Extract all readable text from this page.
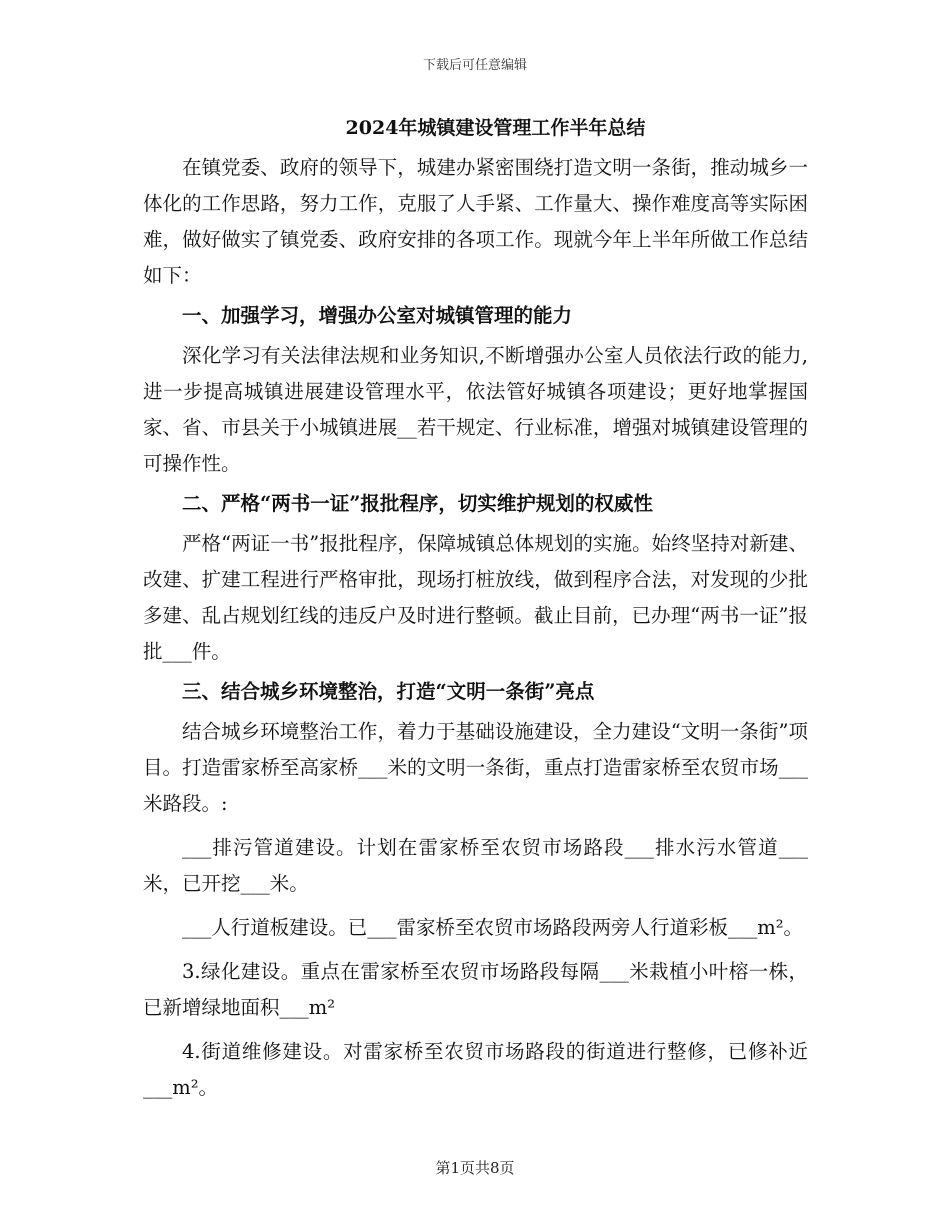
下载后可任意编辑
2024年城镇建设管理工作半年总结

在镇党委、政府的领导下，城建办紧密围绕打造文明一条街，推动城乡一体化的工作思路，努力工作，克服了人手紧、工作量大、操作难度高等实际困难，做好做实了镇党委、政府安排的各项工作。现就今年上半年所做工作总结如下：

一、加强学习，增强办公室对城镇管理的能力

深化学习有关法律法规和业务知识,不断增强办公室人员依法行政的能力,进一步提高城镇进展建设管理水平，依法管好城镇各项建设；更好地掌握国家、省、市县关于小城镇进展__若干规定、行业标准，增强对城镇建设管理的可操作性。

二、严格“两书一证”报批程序，切实维护规划的权威性

严格“两证一书”报批程序，保障城镇总体规划的实施。始终坚持对新建、改建、扩建工程进行严格审批，现场打桩放线，做到程序合法，对发现的少批多建、乱占规划红线的违反户及时进行整顿。截止目前，已办理“两书一证”报批___件。

三、结合城乡环境整治，打造“文明一条街”亮点

结合城乡环境整治工作，着力于基础设施建设，全力建设“文明一条街”项目。打造雷家桥至高家桥___米的文明一条街，重点打造雷家桥至农贸市场___米路段。:

___排污管道建设。计划在雷家桥至农贸市场路段___排水污水管道___米，已开挖___米。

___人行道板建设。已___雷家桥至农贸市场路段两旁人行道彩板___m²。

3.绿化建设。重点在雷家桥至农贸市场路段每隔___米栽植小叶榕一株，已新增绿地面积___m²

4.街道维修建设。对雷家桥至农贸市场路段的街道进行整修，已修补近___m²。

第1页共8页
